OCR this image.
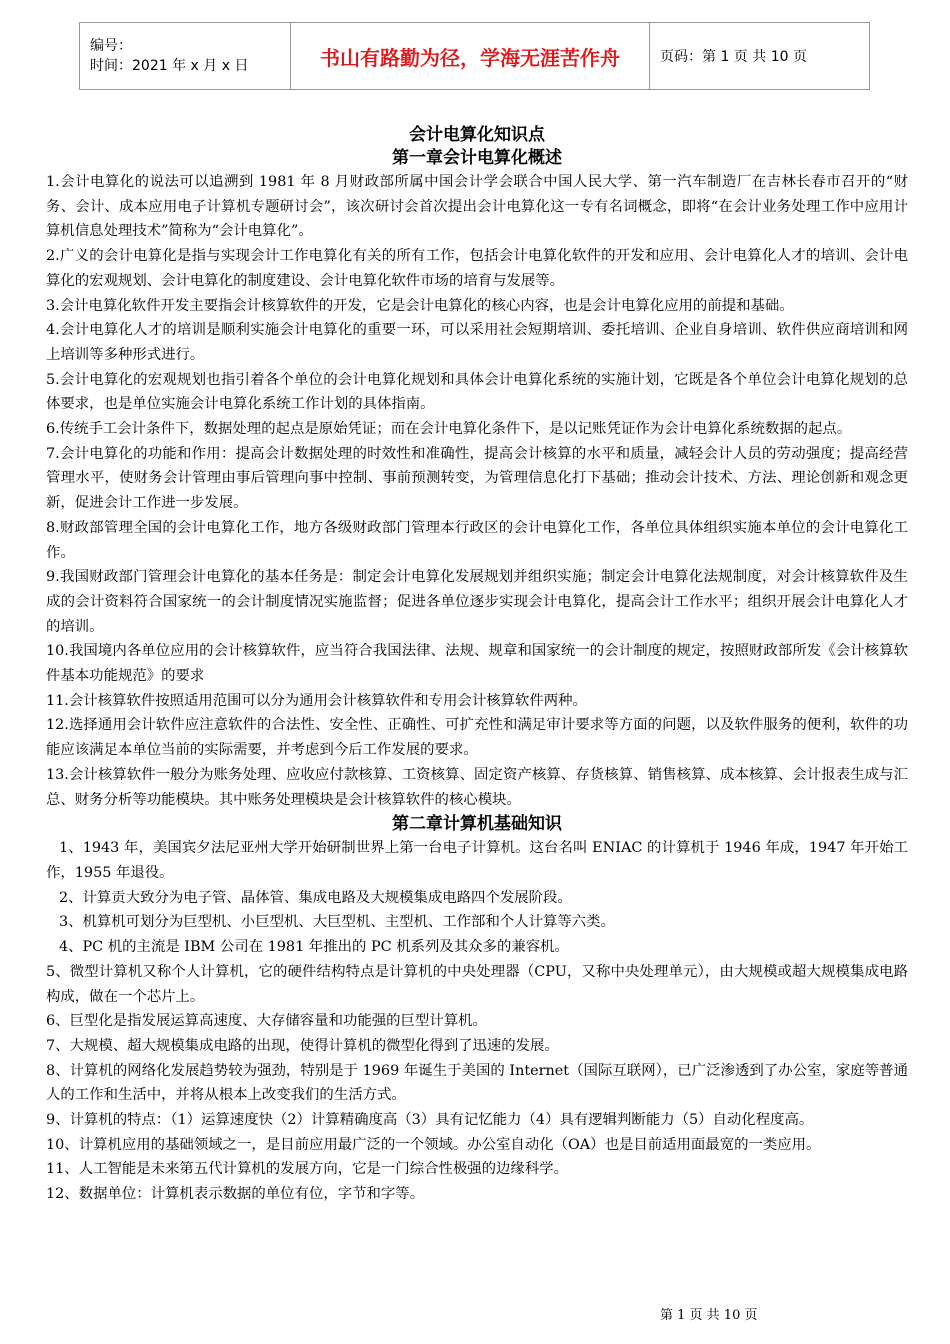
编号：
时间：2021 年 x 月 x 日	书山有路勤为径，学海无涯苦作舟	页码：第 1 页 共 10 页

会计电算化知识点

第一章会计电算化概述

1.会计电算化的说法可以追溯到 1981 年 8 月财政部所属中国会计学会联合中国人民大学、第一汽车制造厂在吉林长春市召开的“财务、会计、成本应用电子计算机专题研讨会”，该次研讨会首次提出会计电算化这一专有名词概念，即将“在会计业务处理工作中应用计算机信息处理技术”简称为“会计电算化”。

2.广义的会计电算化是指与实现会计工作电算化有关的所有工作，包括会计电算化软件的开发和应用、会计电算化人才的培训、会计电算化的宏观规划、会计电算化的制度建设、会计电算化软件市场的培育与发展等。

3.会计电算化软件开发主要指会计核算软件的开发，它是会计电算化的核心内容，也是会计电算化应用的前提和基础。

4.会计电算化人才的培训是顺利实施会计电算化的重要一环，可以采用社会短期培训、委托培训、企业自身培训、软件供应商培训和网上培训等多种形式进行。

5.会计电算化的宏观规划也指引着各个单位的会计电算化规划和具体会计电算化系统的实施计划，它既是各个单位会计电算化规划的总体要求，也是单位实施会计电算化系统工作计划的具体指南。

6.传统手工会计条件下，数据处理的起点是原始凭证；而在会计电算化条件下，是以记账凭证作为会计电算化系统数据的起点。

7.会计电算化的功能和作用：提高会计数据处理的时效性和准确性，提高会计核算的水平和质量，减轻会计人员的劳动强度；提高经营管理水平，使财务会计管理由事后管理向事中控制、事前预测转变，为管理信息化打下基础；推动会计技术、方法、理论创新和观念更新，促进会计工作进一步发展。

8.财政部管理全国的会计电算化工作，地方各级财政部门管理本行政区的会计电算化工作，各单位具体组织实施本单位的会计电算化工作。

9.我国财政部门管理会计电算化的基本任务是：制定会计电算化发展规划并组织实施；制定会计电算化法规制度，对会计核算软件及生成的会计资料符合国家统一的会计制度情况实施监督；促进各单位逐步实现会计电算化，提高会计工作水平；组织开展会计电算化人才的培训。

10.我国境内各单位应用的会计核算软件，应当符合我国法律、法规、规章和国家统一的会计制度的规定，按照财政部所发《会计核算软件基本功能规范》的要求

11.会计核算软件按照适用范围可以分为通用会计核算软件和专用会计核算软件两种。

12.选择通用会计软件应注意软件的合法性、安全性、正确性、可扩充性和满足审计要求等方面的问题，以及软件服务的便利，软件的功能应该满足本单位当前的实际需要，并考虑到今后工作发展的要求。

13.会计核算软件一般分为账务处理、应收应付款核算、工资核算、固定资产核算、存货核算、销售核算、成本核算、会计报表生成与汇总、财务分析等功能模块。其中账务处理模块是会计核算软件的核心模块。

第二章计算机基础知识

1、1943 年，美国宾夕法尼亚州大学开始研制世界上第一台电子计算机。这台名叫 ENIAC 的计算机于 1946 年成，1947 年开始工作，1955 年退役。

2、计算贡大致分为电子管、晶体管、集成电路及大规模集成电路四个发展阶段。

3、机算机可划分为巨型机、小巨型机、大巨型机、主型机、工作部和个人计算等六类。

4、PC 机的主流是 IBM 公司在 1981 年推出的 PC 机系列及其众多的兼容机。

5、微型计算机又称个人计算机，它的硬件结构特点是计算机的中央处理器（CPU，又称中央处理单元），由大规模或超大规模集成电路构成，做在一个芯片上。

6、巨型化是指发展运算高速度、大存储容量和功能强的巨型计算机。

7、大规模、超大规模集成电路的出现，使得计算机的微型化得到了迅速的发展。

8、计算机的网络化发展趋势较为强劲，特别是于 1969 年诞生于美国的 Internet（国际互联网），已广泛渗透到了办公室，家庭等普通人的工作和生活中，并将从根本上改变我们的生活方式。

9、计算机的特点：（1）运算速度快（2）计算精确度高（3）具有记忆能力（4）具有逻辑判断能力（5）自动化程度高。

10、计算机应用的基础领域之一，是目前应用最广泛的一个领域。办公室自动化（OA）也是目前适用面最宽的一类应用。

11、人工智能是未来第五代计算机的发展方向，它是一门综合性极强的边缘科学。

12、数据单位：计算机表示数据的单位有位，字节和字等。

第 1 页 共 10 页
